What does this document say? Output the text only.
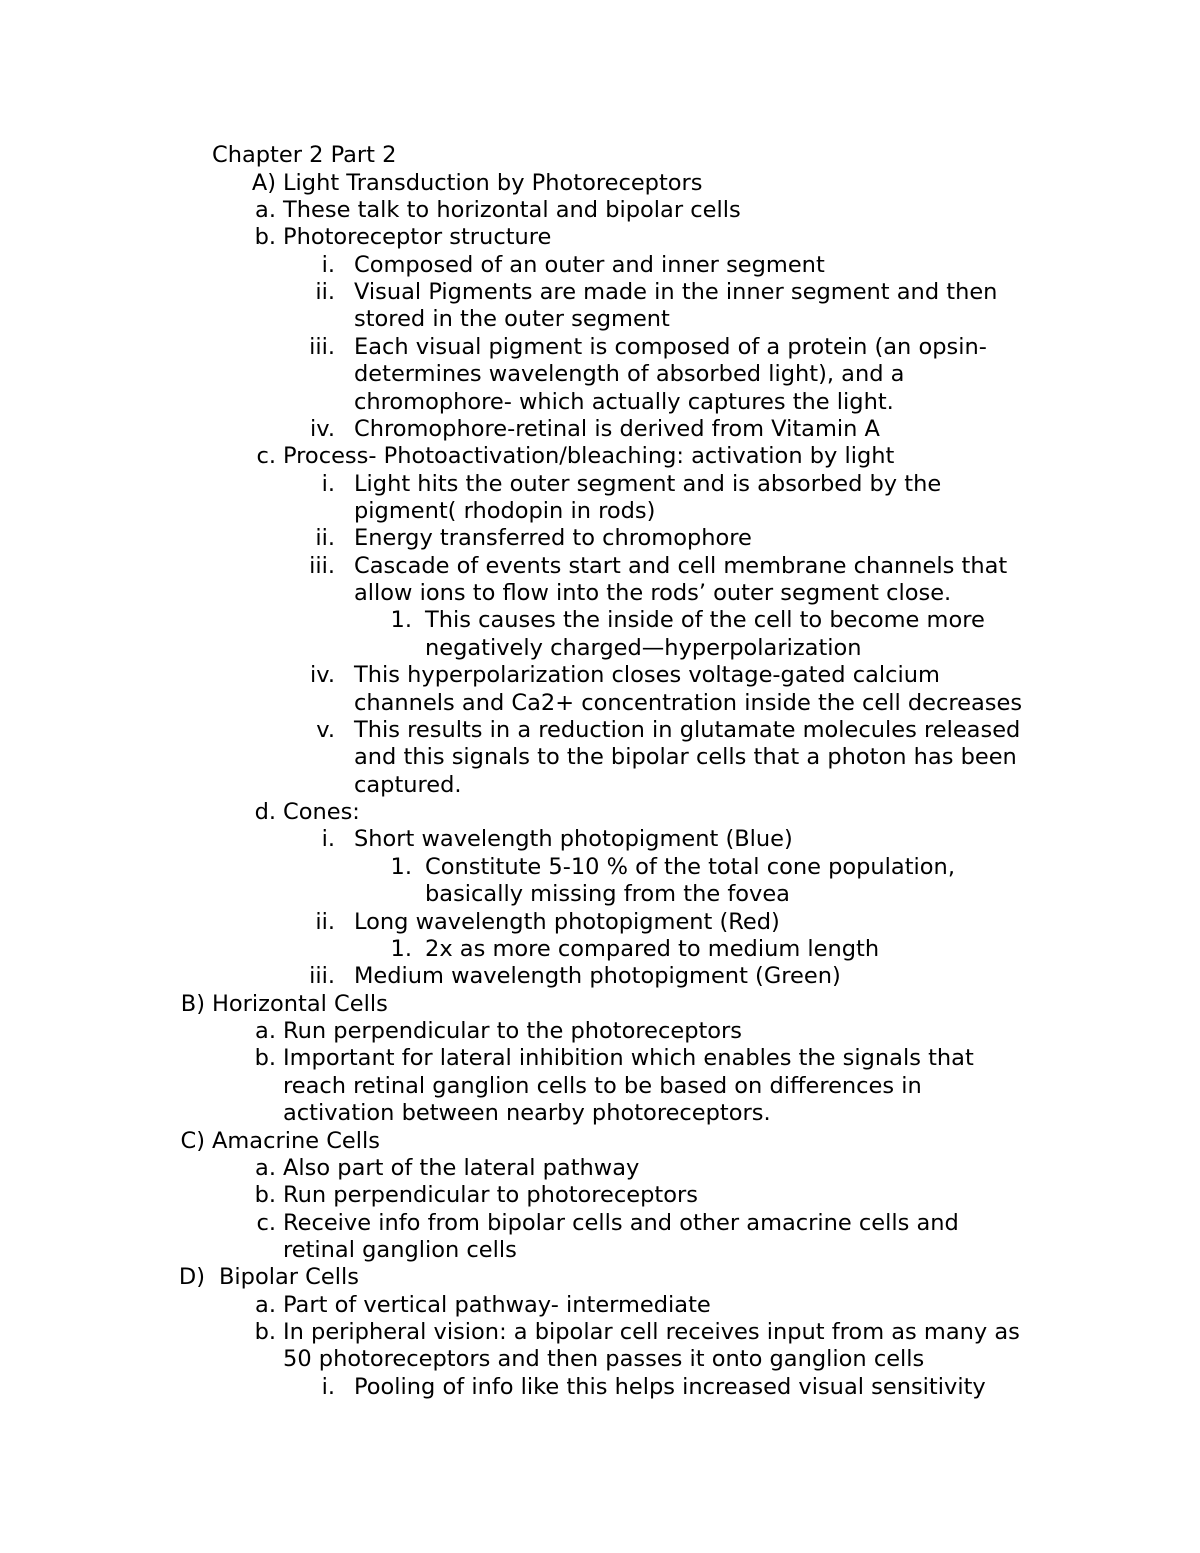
Chapter 2 Part 2
A) Light Transduction by Photoreceptors
a. These talk to horizontal and bipolar cells
b. Photoreceptor structure
i. Composed of an outer and inner segment
ii. Visual Pigments are made in the inner segment and then
stored in the outer segment
iii. Each visual pigment is composed of a protein (an opsin-
determines wavelength of absorbed light), and a
chromophore- which actually captures the light.
iv. Chromophore-retinal is derived from Vitamin A
c. Process- Photoactivation/bleaching: activation by light
i. Light hits the outer segment and is absorbed by the
pigment( rhodopin in rods)
ii. Energy transferred to chromophore
iii. Cascade of events start and cell membrane channels that
allow ions to flow into the rods’ outer segment close.
1. This causes the inside of the cell to become more
negatively charged—hyperpolarization
iv. This hyperpolarization closes voltage-gated calcium
channels and Ca2+ concentration inside the cell decreases
v. This results in a reduction in glutamate molecules released
and this signals to the bipolar cells that a photon has been
captured.
d. Cones:
i. Short wavelength photopigment (Blue)
1. Constitute 5-10 % of the total cone population,
basically missing from the fovea
ii. Long wavelength photopigment (Red)
1. 2x as more compared to medium length
iii. Medium wavelength photopigment (Green)
B) Horizontal Cells
a. Run perpendicular to the photoreceptors
b. Important for lateral inhibition which enables the signals that
reach retinal ganglion cells to be based on differences in
activation between nearby photoreceptors.
C) Amacrine Cells
a. Also part of the lateral pathway
b. Run perpendicular to photoreceptors
c. Receive info from bipolar cells and other amacrine cells and
retinal ganglion cells
D) Bipolar Cells
a. Part of vertical pathway- intermediate
b. In peripheral vision: a bipolar cell receives input from as many as
50 photoreceptors and then passes it onto ganglion cells
i. Pooling of info like this helps increased visual sensitivity
